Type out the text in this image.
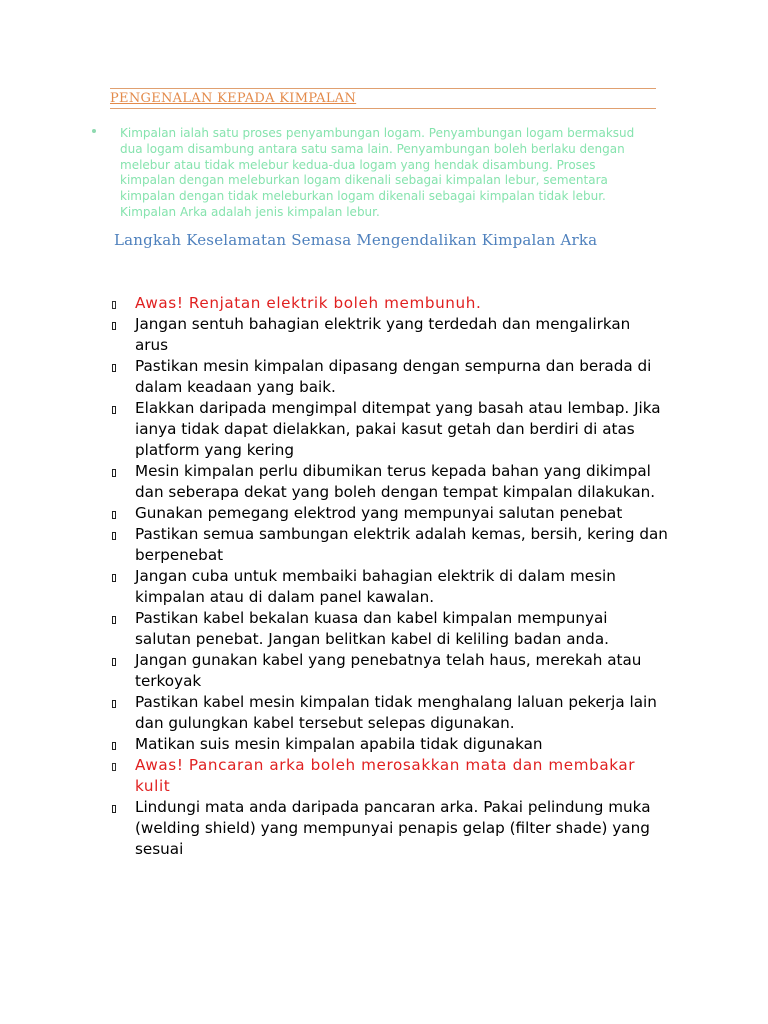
PENGENALAN KEPADA KIMPALAN
Kimpalan ialah satu proses penyambungan logam. Penyambungan logam bermaksud dua logam disambung antara satu sama lain. Penyambungan boleh berlaku dengan melebur atau tidak melebur kedua-dua logam yang hendak disambung. Proses kimpalan dengan meleburkan logam dikenali sebagai kimpalan lebur, sementara kimpalan dengan tidak meleburkan logam dikenali sebagai kimpalan tidak lebur. Kimpalan Arka adalah jenis kimpalan lebur.
Langkah Keselamatan Semasa Mengendalikan Kimpalan Arka
Awas! Renjatan elektrik boleh membunuh.
Jangan sentuh bahagian elektrik yang terdedah dan mengalirkan arus
Pastikan mesin kimpalan dipasang dengan sempurna dan berada di dalam keadaan yang baik.
Elakkan daripada mengimpal ditempat yang basah atau lembap. Jika ianya tidak dapat dielakkan, pakai kasut getah dan berdiri di atas platform yang kering
Mesin kimpalan perlu dibumikan terus kepada bahan yang dikimpal dan seberapa dekat yang boleh dengan tempat kimpalan dilakukan.
Gunakan pemegang elektrod yang mempunyai salutan penebat
Pastikan semua sambungan elektrik adalah kemas, bersih, kering dan berpenebat
Jangan cuba untuk membaiki bahagian elektrik di dalam mesin kimpalan atau di dalam panel kawalan.
Pastikan kabel bekalan kuasa dan kabel kimpalan mempunyai salutan penebat. Jangan belitkan kabel di keliling badan anda.
Jangan gunakan kabel yang penebatnya telah haus, merekah atau terkoyak
Pastikan kabel mesin kimpalan tidak menghalang laluan pekerja lain dan gulungkan kabel tersebut selepas digunakan.
Matikan suis mesin kimpalan apabila tidak digunakan
Awas! Pancaran arka boleh merosakkan mata dan membakar kulit
Lindungi mata anda daripada pancaran arka. Pakai pelindung muka (welding shield) yang mempunyai penapis gelap (filter shade) yang sesuai
